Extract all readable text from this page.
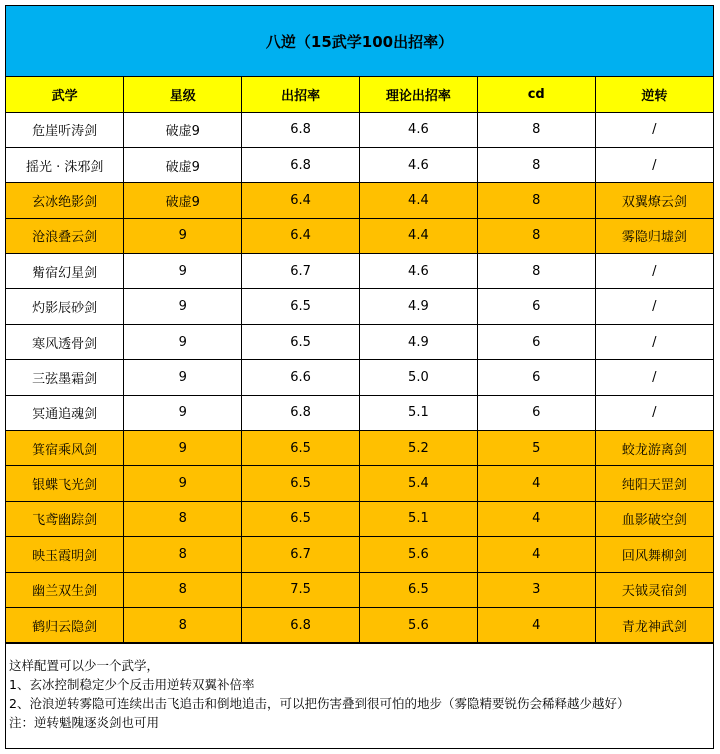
八逆（15武学100出招率）
武学	星级	出招率	理论出招率	cd	逆转
危崖听涛剑	破虚9	6.8	4.6	8	/
摇光 · 洙邪剑	破虚9	6.8	4.6	8	/
玄冰绝影剑	破虚9	6.4	4.4	8	双翼燎云剑
沧浪叠云剑	9	6.4	4.4	8	雾隐归墟剑
觜宿幻星剑	9	6.7	4.6	8	/
灼影辰砂剑	9	6.5	4.9	6	/
寒风透骨剑	9	6.5	4.9	6	/
三弦墨霜剑	9	6.6	5.0	6	/
冥通追魂剑	9	6.8	5.1	6	/
箕宿乘风剑	9	6.5	5.2	5	蛟龙游离剑
银蝶飞光剑	9	6.5	5.4	4	纯阳天罡剑
飞鸢幽踪剑	8	6.5	5.1	4	血影破空剑
映玉霞明剑	8	6.7	5.6	4	回风舞柳剑
幽兰双生剑	8	7.5	6.5	3	天钺灵宿剑
鹤归云隐剑	8	6.8	5.6	4	青龙神武剑
这样配置可以少一个武学，
1、玄冰控制稳定少个反击用逆转双翼补倍率
2、沧浪逆转雾隐可连续出击飞追击和倒地追击，可以把伤害叠到很可怕的地步（雾隐精要锐伤会稀释越少越好）
注：逆转魁隗逐炎剑也可用
